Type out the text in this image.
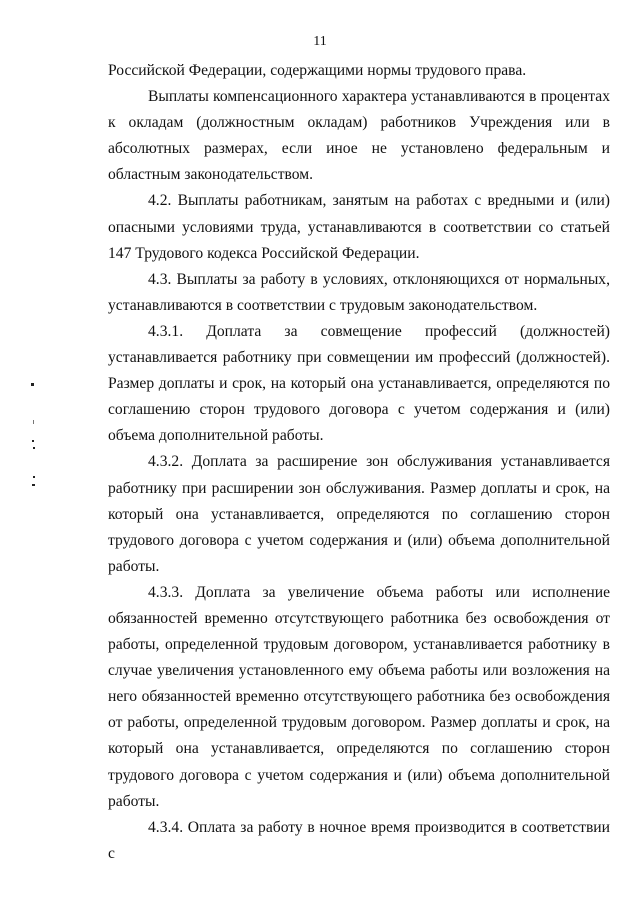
11

Российской Федерации, содержащими нормы трудового права.

Выплаты компенсационного характера устанавливаются в процентах к окладам (должностным окладам) работников Учреждения или в абсолютных размерах, если иное не установлено федеральным и областным законодательством.

4.2. Выплаты работникам, занятым на работах с вредными и (или) опасными условиями труда, устанавливаются в соответствии со статьей 147 Трудового кодекса Российской Федерации.

4.3. Выплаты за работу в условиях, отклоняющихся от нормальных, устанавливаются в соответствии с трудовым законодательством.

4.3.1. Доплата за совмещение профессий (должностей) устанавливается работнику при совмещении им профессий (должностей). Размер доплаты и срок, на который она устанавливается, определяются по соглашению сторон трудового договора с учетом содержания и (или) объема дополнительной работы.

4.3.2. Доплата за расширение зон обслуживания устанавливается работнику при расширении зон обслуживания. Размер доплаты и срок, на который она устанавливается, определяются по соглашению сторон трудового договора с учетом содержания и (или) объема дополнительной работы.

4.3.3. Доплата за увеличение объема работы или исполнение обязанностей временно отсутствующего работника без освобождения от работы, определенной трудовым договором, устанавливается работнику в случае увеличения установленного ему объема работы или возложения на него обязанностей временно отсутствующего работника без освобождения от работы, определенной трудовым договором. Размер доплаты и срок, на который она устанавливается, определяются по соглашению сторон трудового договора с учетом содержания и (или) объема дополнительной работы.

4.3.4. Оплата за работу в ночное время производится в соответствии с
